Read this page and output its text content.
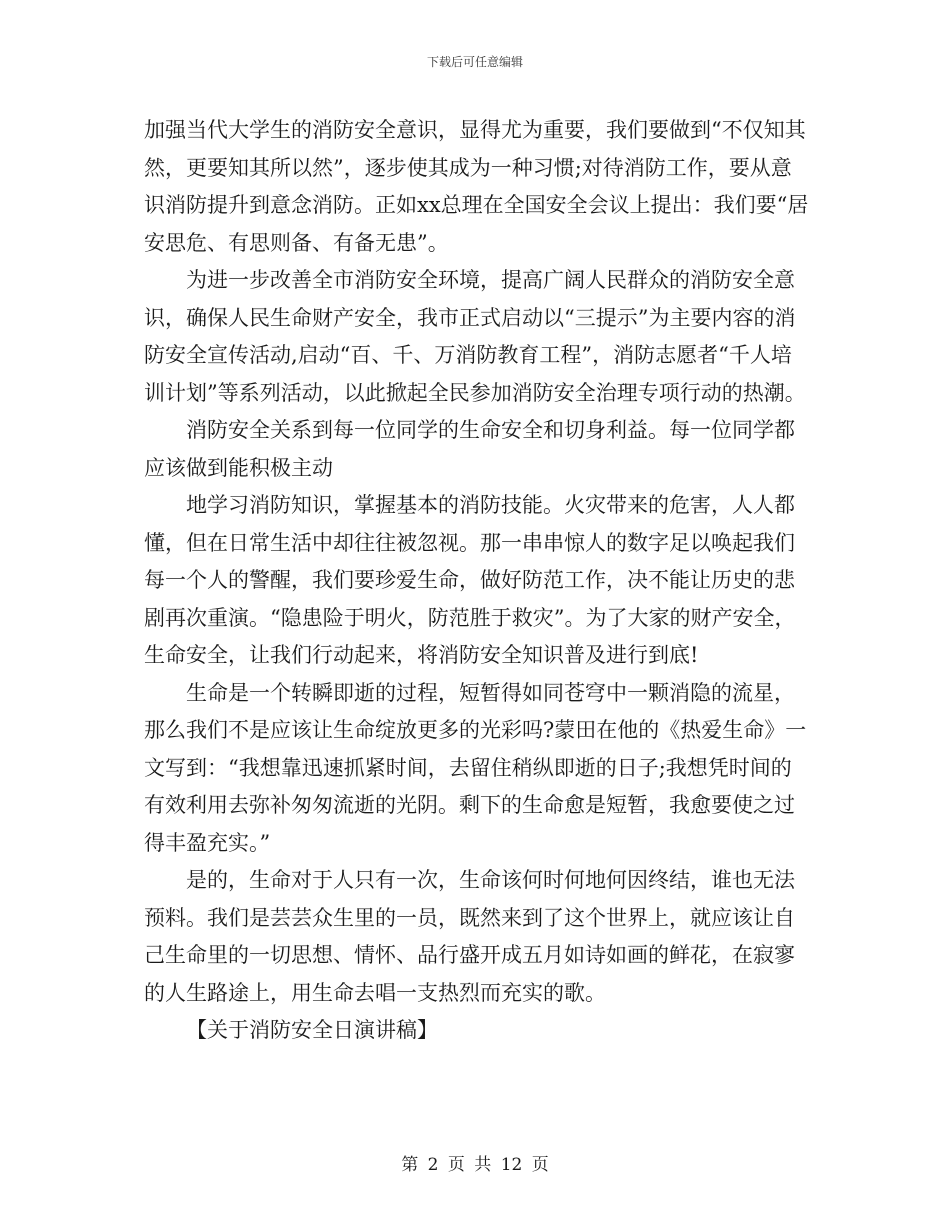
下载后可任意编辑

加强当代大学生的消防安全意识，显得尤为重要，我们要做到“不仅知其然，更要知其所以然”，逐步使其成为一种习惯;对待消防工作，要从意识消防提升到意念消防。正如xx总理在全国安全会议上提出：我们要“居安思危、有思则备、有备无患”。

为进一步改善全市消防安全环境，提高广阔人民群众的消防安全意识，确保人民生命财产安全，我市正式启动以“三提示”为主要内容的消防安全宣传活动,启动“百、千、万消防教育工程”，消防志愿者“千人培训计划”等系列活动，以此掀起全民参加消防安全治理专项行动的热潮。

消防安全关系到每一位同学的生命安全和切身利益。每一位同学都应该做到能积极主动

地学习消防知识，掌握基本的消防技能。火灾带来的危害，人人都懂，但在日常生活中却往往被忽视。那一串串惊人的数字足以唤起我们每一个人的警醒，我们要珍爱生命，做好防范工作，决不能让历史的悲剧再次重演。“隐患险于明火，防范胜于救灾”。为了大家的财产安全，生命安全，让我们行动起来，将消防安全知识普及进行到底!

生命是一个转瞬即逝的过程，短暂得如同苍穹中一颗消隐的流星，那么我们不是应该让生命绽放更多的光彩吗?蒙田在他的《热爱生命》一文写到：“我想靠迅速抓紧时间，去留住稍纵即逝的日子;我想凭时间的有效利用去弥补匆匆流逝的光阴。剩下的生命愈是短暂，我愈要使之过得丰盈充实。”

是的，生命对于人只有一次，生命该何时何地何因终结，谁也无法预料。我们是芸芸众生里的一员，既然来到了这个世界上，就应该让自己生命里的一切思想、情怀、品行盛开成五月如诗如画的鲜花，在寂寥的人生路途上，用生命去唱一支热烈而充实的歌。

【关于消防安全日演讲稿】

第 2 页 共 12 页
